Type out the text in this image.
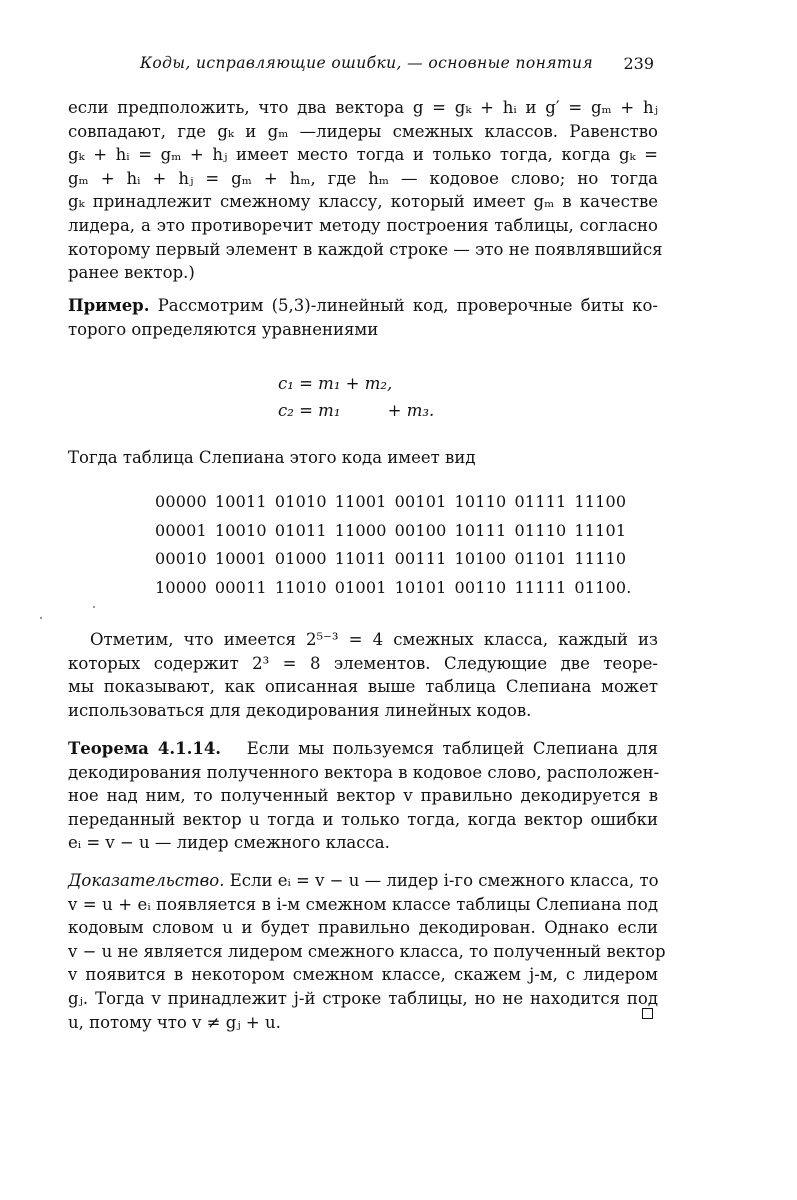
Коды, исправляющие ошибки, — основные понятия 239
если предположить, что два вектора g = gₖ + hᵢ и g′ = gₘ + hⱼ
совпадают, где gₖ и gₘ —лидеры смежных классов. Равенство
gₖ + hᵢ = gₘ + hⱼ имеет место тогда и только тогда, когда gₖ =
gₘ + hᵢ + hⱼ = gₘ + hₘ, где hₘ — кодовое слово; но тогда
gₖ принадлежит смежному классу, который имеет gₘ в качестве
лидера, а это противоречит методу построения таблицы, согласно
которому первый элемент в каждой строке — это не появлявшийся
ранее вектор.)
Пример. Рассмотрим (5,3)-линейный код, проверочные биты ко-
торого определяются уравнениями
c₁ = m₁ + m₂,
c₂ = m₁         + m₃.
Тогда таблица Слепиана этого кода имеет вид
00000 10011 01010 11001 00101 10110 01111 11100
00001 10010 01011 11000 00100 10111 01110 11101
00010 10001 01000 11011 00111 10100 01101 11110
10000 00011 11010 01001 10101 00110 11111 01100.
Отметим, что имеется 2⁵⁻³ = 4 смежных класса, каждый из
которых содержит 2³ = 8 элементов. Следующие две теоре-
мы показывают, как описанная выше таблица Слепиана может
использоваться для декодирования линейных кодов.
Теорема 4.1.14. Если мы пользуемся таблицей Слепиана для
декодирования полученного вектора в кодовое слово, расположен-
ное над ним, то полученный вектор v правильно декодируется в
переданный вектор u тогда и только тогда, когда вектор ошибки
eᵢ = v − u — лидер смежного класса.
Доказательство. Если eᵢ = v − u — лидер i-го смежного класса, то
v = u + eᵢ появляется в i-м смежном классе таблицы Слепиана под
кодовым словом u и будет правильно декодирован. Однако если
v − u не является лидером смежного класса, то полученный вектор
v появится в некотором смежном классе, скажем j-м, с лидером
gⱼ. Тогда v принадлежит j-й строке таблицы, но не находится под
u, потому что v ≠ gⱼ + u.
